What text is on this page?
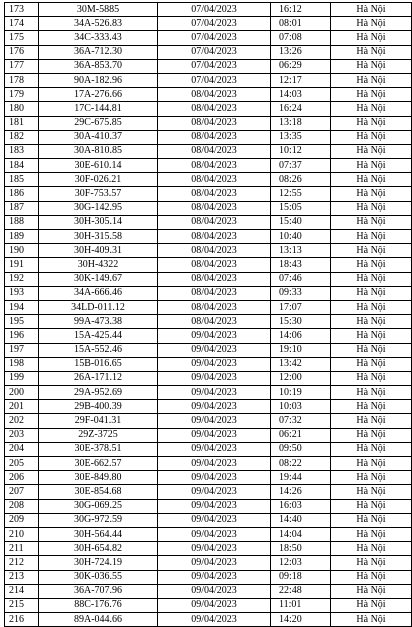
173	30M-5885	07/04/2023	16:12	Hà Nội
174	34A-526.83	07/04/2023	08:01	Hà Nội
175	34C-333.43	07/04/2023	07:08	Hà Nội
176	36A-712.30	07/04/2023	13:26	Hà Nội
177	36A-853.70	07/04/2023	06:29	Hà Nội
178	90A-182.96	07/04/2023	12:17	Hà Nội
179	17A-276.66	08/04/2023	14:03	Hà Nội
180	17C-144.81	08/04/2023	16:24	Hà Nội
181	29C-675.85	08/04/2023	13:18	Hà Nội
182	30A-410.37	08/04/2023	13:35	Hà Nội
183	30A-810.85	08/04/2023	10:12	Hà Nội
184	30E-610.14	08/04/2023	07:37	Hà Nội
185	30F-026.21	08/04/2023	08:26	Hà Nội
186	30F-753.57	08/04/2023	12:55	Hà Nội
187	30G-142.95	08/04/2023	15:05	Hà Nội
188	30H-305.14	08/04/2023	15:40	Hà Nội
189	30H-315.58	08/04/2023	10:40	Hà Nội
190	30H-409.31	08/04/2023	13:13	Hà Nội
191	30H-4322	08/04/2023	18:43	Hà Nội
192	30K-149.67	08/04/2023	07:46	Hà Nội
193	34A-666.46	08/04/2023	09:33	Hà Nội
194	34LD-011.12	08/04/2023	17:07	Hà Nội
195	99A-473.38	08/04/2023	15:30	Hà Nội
196	15A-425.44	09/04/2023	14:06	Hà Nội
197	15A-552.46	09/04/2023	19:10	Hà Nội
198	15B-016.65	09/04/2023	13:42	Hà Nội
199	26A-171.12	09/04/2023	12:00	Hà Nội
200	29A-952.69	09/04/2023	10:19	Hà Nội
201	29B-400.39	09/04/2023	10:03	Hà Nội
202	29F-041.31	09/04/2023	07:32	Hà Nội
203	29Z-3725	09/04/2023	06:21	Hà Nội
204	30E-378.51	09/04/2023	09:50	Hà Nội
205	30E-662.57	09/04/2023	08:22	Hà Nội
206	30E-849.80	09/04/2023	19:44	Hà Nội
207	30E-854.68	09/04/2023	14:26	Hà Nội
208	30G-069.25	09/04/2023	16:03	Hà Nội
209	30G-972.59	09/04/2023	14:40	Hà Nội
210	30H-564.44	09/04/2023	14:04	Hà Nội
211	30H-654.82	09/04/2023	18:50	Hà Nội
212	30H-724.19	09/04/2023	12:03	Hà Nội
213	30K-036.55	09/04/2023	09:18	Hà Nội
214	36A-707.96	09/04/2023	22:48	Hà Nội
215	88C-176.76	09/04/2023	11:01	Hà Nội
216	89A-044.66	09/04/2023	14:20	Hà Nội
